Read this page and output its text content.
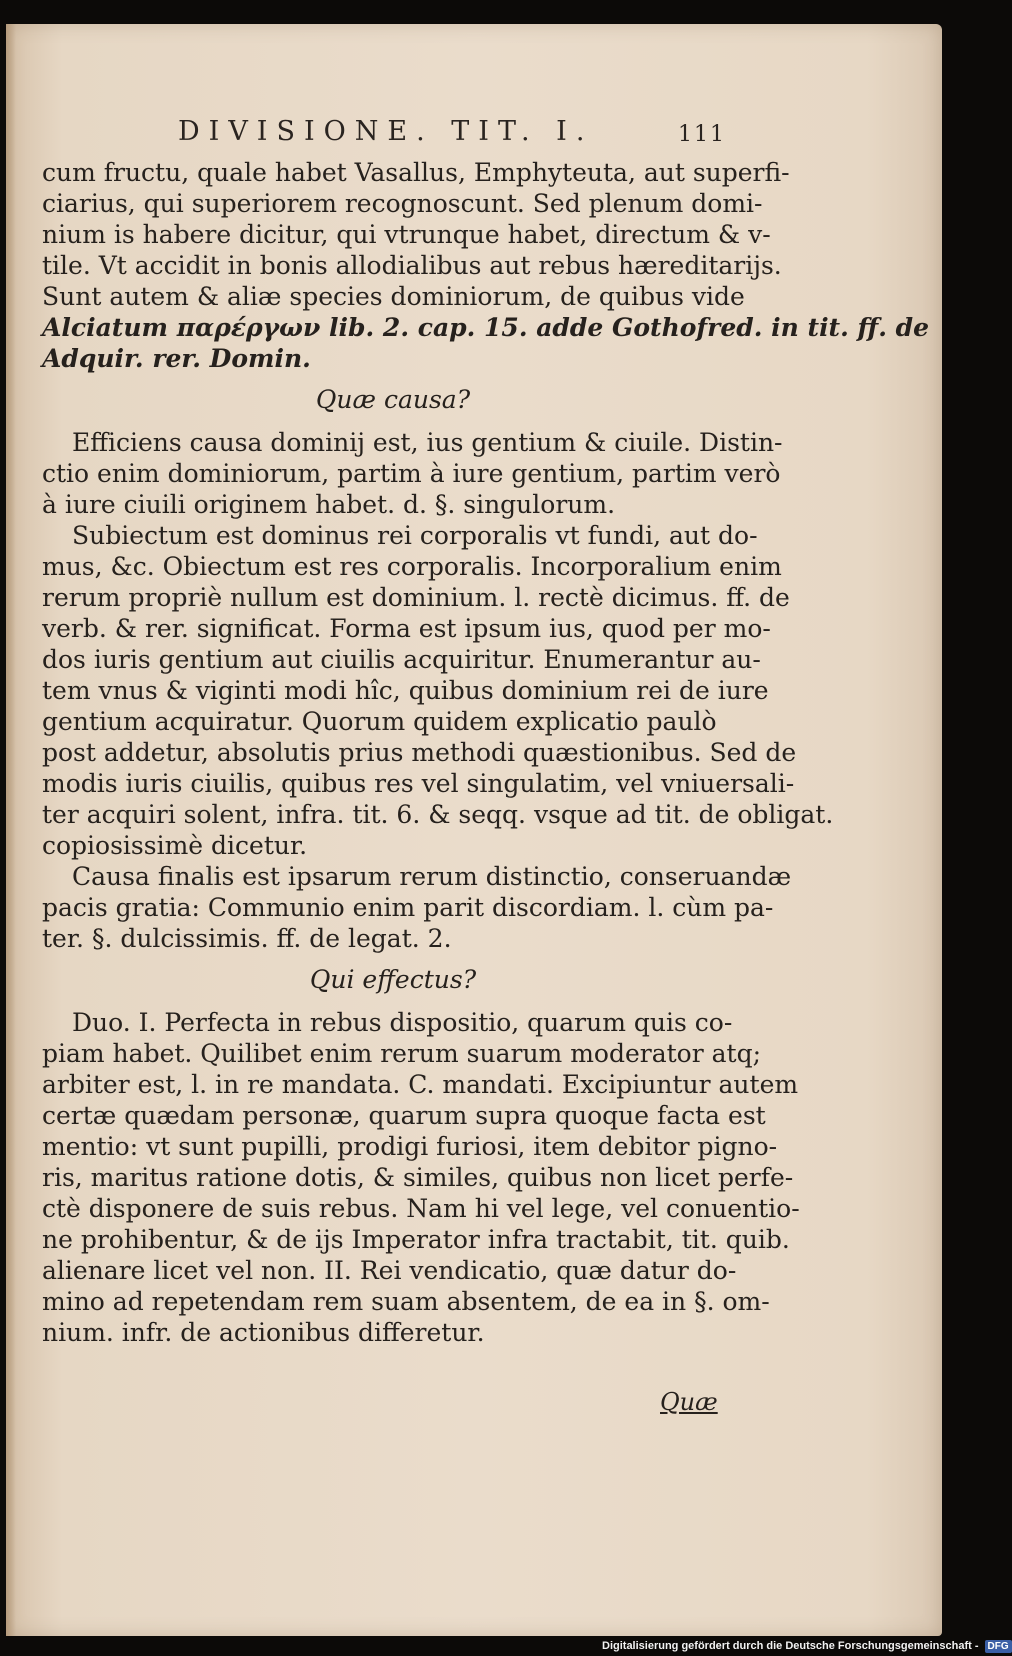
DIVISIONE. TIT. I.	111

cum fructu, quale habet Vasallus, Emphyteuta, aut superfi-
ciarius, qui superiorem recognoscunt. Sed plenum domi-
nium is habere dicitur, qui vtrunque habet, directum & v-
tile. Vt accidit in bonis allodialibus aut rebus hæreditarijs.
Sunt autem & aliæ species dominiorum, de quibus vide
Alciatum παρέργων lib. 2. cap. 15. adde Gothofred. in tit. ff. de
Adquir. rer. Domin.

Quæ causa?

Efficiens causa dominij est, ius gentium & ciuile. Distin-
ctio enim dominiorum, partim à iure gentium, partim verò
à iure ciuili originem habet. d. §. singulorum.

Subiectum est dominus rei corporalis vt fundi, aut do-
mus, &c. Obiectum est res corporalis. Incorporalium enim
rerum propriè nullum est dominium. l. rectè dicimus. ff. de
verb. & rer. significat. Forma est ipsum ius, quod per mo-
dos iuris gentium aut ciuilis acquiritur. Enumerantur au-
tem vnus & viginti modi hîc, quibus dominium rei de iure
gentium acquiratur. Quorum quidem explicatio paulò
post addetur, absolutis prius methodi quæstionibus. Sed de
modis iuris ciuilis, quibus res vel singulatim, vel vniuersali-
ter acquiri solent, infra. tit. 6. & seqq. vsque ad tit. de obligat.
copiosissimè dicetur.

Causa finalis est ipsarum rerum distinctio, conseruandæ
pacis gratia: Communio enim parit discordiam. l. cùm pa-
ter. §. dulcissimis. ff. de legat. 2.

Qui effectus?

Duo. I. Perfecta in rebus dispositio, quarum quis co-
piam habet. Quilibet enim rerum suarum moderator atq;
arbiter est, l. in re mandata. C. mandati. Excipiuntur autem
certæ quædam personæ, quarum supra quoque facta est
mentio: vt sunt pupilli, prodigi furiosi, item debitor pigno-
ris, maritus ratione dotis, & similes, quibus non licet perfe-
ctè disponere de suis rebus. Nam hi vel lege, vel conuentio-
ne prohibentur, & de ijs Imperator infra tractabit, tit. quib.
alienare licet vel non. II. Rei vendicatio, quæ datur do-
mino ad repetendam rem suam absentem, de ea in §. om-
nium. infr. de actionibus differetur.

Quæ
Digitalisierung gefördert durch die Deutsche Forschungsgemeinschaft - DFG
